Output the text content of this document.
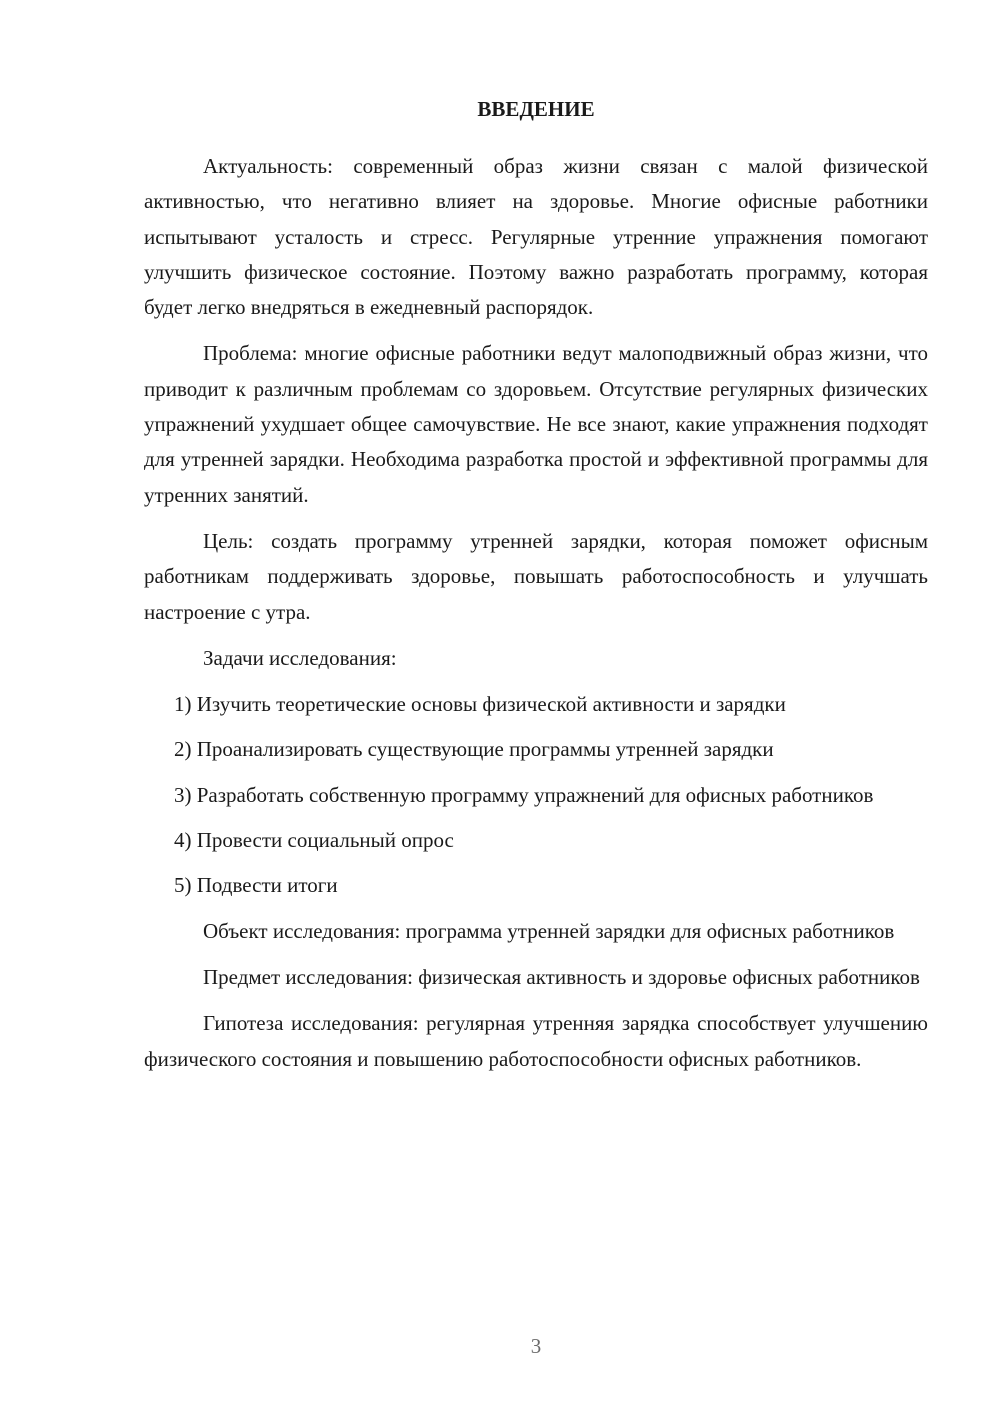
ВВЕДЕНИЕ

Актуальность: современный образ жизни связан с малой физической активностью, что негативно влияет на здоровье. Многие офисные работники испытывают усталость и стресс. Регулярные утренние упражнения помогают улучшить физическое состояние. Поэтому важно разработать программу, которая будет легко внедряться в ежедневный распорядок.

Проблема: многие офисные работники ведут малоподвижный образ жизни, что приводит к различным проблемам со здоровьем. Отсутствие регулярных физических упражнений ухудшает общее самочувствие. Не все знают, какие упражнения подходят для утренней зарядки. Необходима разработка простой и эффективной программы для утренних занятий.

Цель: создать программу утренней зарядки, которая поможет офисным работникам поддерживать здоровье, повышать работоспособность и улучшать настроение с утра.

Задачи исследования:

1) Изучить теоретические основы физической активности и зарядки

2) Проанализировать существующие программы утренней зарядки

3) Разработать собственную программу упражнений для офисных работников

4) Провести социальный опрос

5) Подвести итоги

Объект исследования: программа утренней зарядки для офисных работников

Предмет исследования: физическая активность и здоровье офисных работников

Гипотеза исследования: регулярная утренняя зарядка способствует улучшению физического состояния и повышению работоспособности офисных работников.

3
